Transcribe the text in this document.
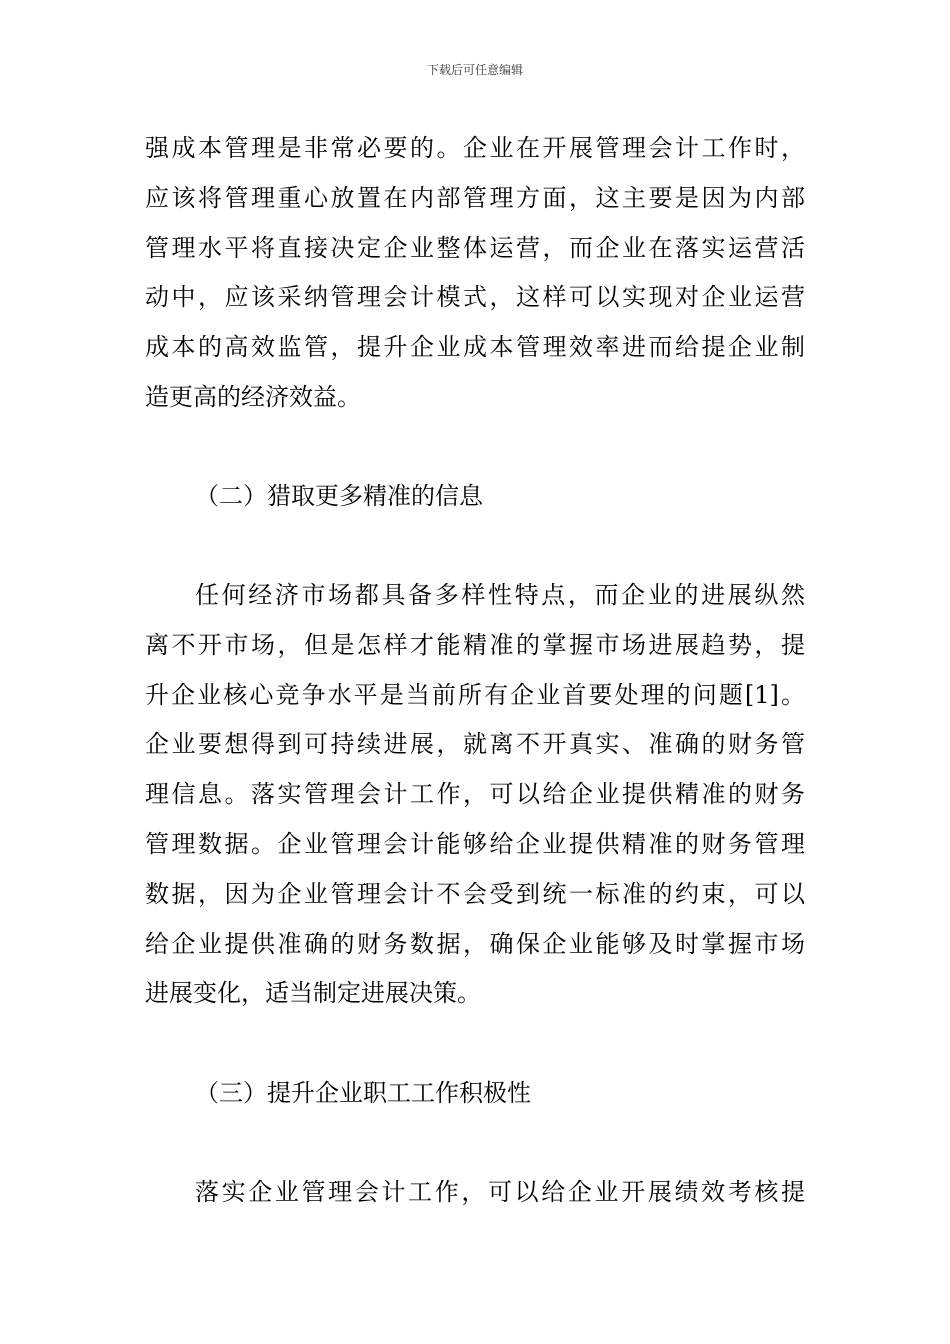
下载后可任意编辑
强成本管理是非常必要的。企业在开展管理会计工作时，
应该将管理重心放置在内部管理方面，这主要是因为内部
管理水平将直接决定企业整体运营，而企业在落实运营活
动中，应该采纳管理会计模式，这样可以实现对企业运营
成本的高效监管，提升企业成本管理效率进而给提企业制
造更高的经济效益。
（二）猎取更多精准的信息
任何经济市场都具备多样性特点，而企业的进展纵然
离不开市场，但是怎样才能精准的掌握市场进展趋势，提
升企业核心竞争水平是当前所有企业首要处理的问题[1]。
企业要想得到可持续进展，就离不开真实、准确的财务管
理信息。落实管理会计工作，可以给企业提供精准的财务
管理数据。企业管理会计能够给企业提供精准的财务管理
数据，因为企业管理会计不会受到统一标准的约束，可以
给企业提供准确的财务数据，确保企业能够及时掌握市场
进展变化，适当制定进展决策。
（三）提升企业职工工作积极性
落实企业管理会计工作，可以给企业开展绩效考核提
